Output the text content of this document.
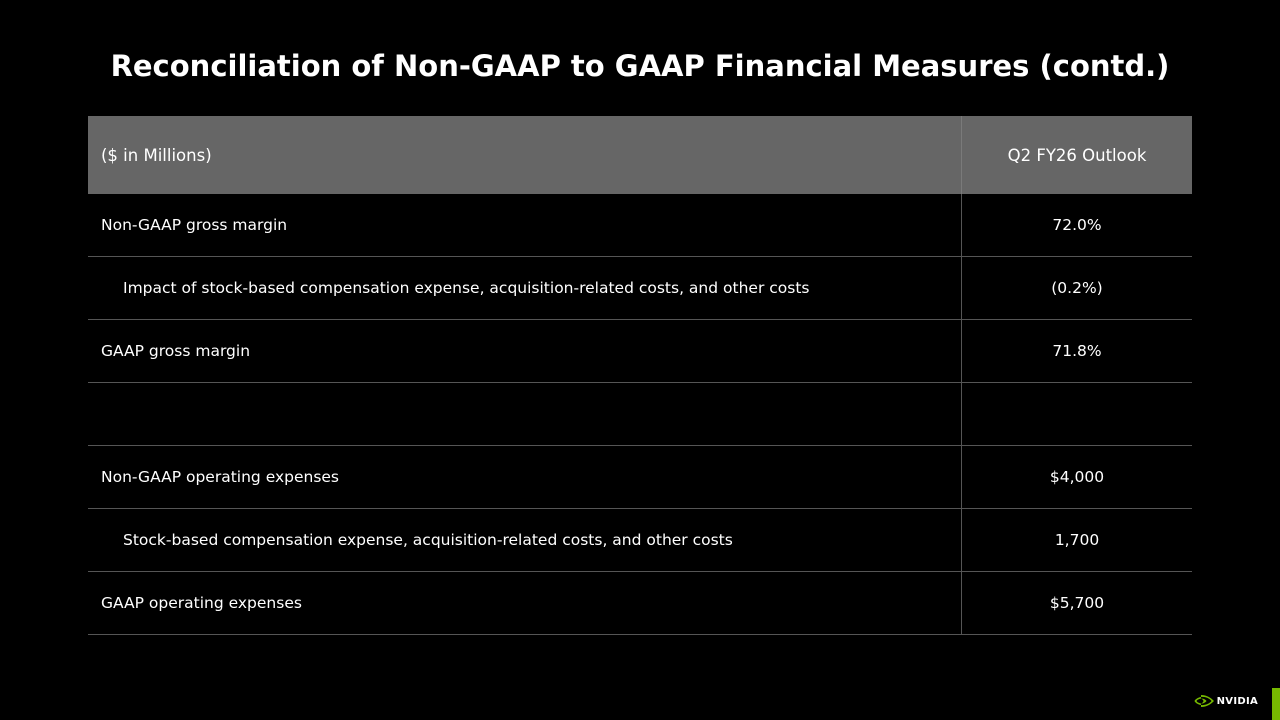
Reconciliation of Non-GAAP to GAAP Financial Measures (contd.)
($ in Millions)	Q2 FY26 Outlook
Non-GAAP gross margin	72.0%
Impact of stock-based compensation expense, acquisition-related costs, and other costs	(0.2%)
GAAP gross margin	71.8%
Non-GAAP operating expenses	$4,000
Stock-based compensation expense, acquisition-related costs, and other costs	1,700
GAAP operating expenses	$5,700
NVIDIA
